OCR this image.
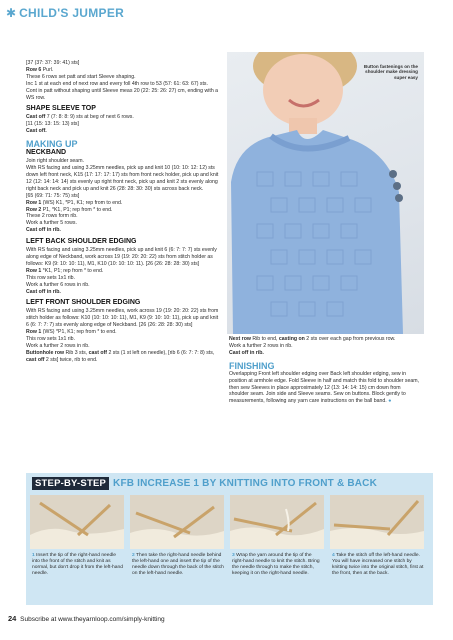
✱ CHILD'S JUMPER

[37 (37: 37: 39: 41) sts]

Row 6 Purl.

These 6 rows set patt and start Sleeve shaping.

Inc 1 st at each end of next row and every foll 4th row to 53 (57: 61: 63: 67) sts.

Cont in patt without shaping until Sleeve meas 20 (22: 25: 26: 27) cm, ending with a WS row.

SHAPE SLEEVE TOP

Cast off 7 (7: 8: 8: 9) sts at beg of next 6 rows.

[11 (15: 13: 15: 13) sts]

Cast off.

MAKING UP
NECKBAND

Join right shoulder seam.

With RS facing and using 3.25mm needles, pick up and knit 10 (10: 10: 12: 12) sts down left front neck, K15 (17: 17: 17: 17) sts from front neck holder, pick up and knit 12 (12: 14: 14: 14) sts evenly up right front neck, pick up and knit 2 sts evenly along right back neck and pick up and knit 26 (28: 28: 30: 30) sts across back neck.

[65 (69: 71: 75: 75) sts]

Row 1 (WS) K1, *P1, K1; rep from to end.

Row 2 P1, *K1, P1; rep from * to end.

These 2 rows form rib.

Work a further 5 rows.

Cast off in rib.

LEFT BACK SHOULDER EDGING

With RS facing and using 3.25mm needles, pick up and knit 6 (6: 7: 7: 7) sts evenly along edge of Neckband, work across 19 (19: 20: 20: 22) sts from stitch holder as follows: K9 (9: 10: 10: 11), M1, K10 (10: 10: 10: 11). [26 (26: 28: 28: 30) sts]

Row 1 *K1, P1; rep from * to end.

This row sets 1x1 rib.

Work a further 6 rows in rib.

Cast off in rib.

LEFT FRONT SHOULDER EDGING

With RS facing and using 3.25mm needles, work across 19 (19: 20: 20: 22) sts from stitch holder as follows: K10 (10: 10: 10: 11), M1, K9 (9: 10: 10: 11), pick up and knit 6 (6: 7: 7: 7) sts evenly along edge of Neckband. [26 (26: 28: 28: 30) sts]

Row 1 (WS) *P1, K1; rep from * to end.

This row sets 1x1 rib.

Work a further 2 rows in rib.

Buttonhole row Rib 3 sts, cast off 2 sts (1 st left on needle), [rib 6 (6: 7: 7: 8) sts, cast off 2 sts] twice, rib to end.

Button fastenings on the shoulder make dressing super easy

Next row Rib to end, casting on 2 sts over each gap from previous row.

Work a further 2 rows in rib.

Cast off in rib.

FINISHING

Overlapping Front left shoulder edging over Back left shoulder edging, sew in position at armhole edge. Fold Sleeve in half and match this fold to shoulder seam, then sew Sleeves in place approximately 12 (13: 14: 14: 15) cm down from shoulder seam. Join side and Sleeve seams. Sew on buttons. Block gently to measurements, following any yarn care instructions on the ball band. ●

STEP-BY-STEP KFB INCREASE 1 BY KNITTING INTO FRONT & BACK
1 Insert the tip of the right-hand needle into the front of the stitch and knit as normal, but don't drop it from the left-hand needle.
2 Then take the right-hand needle behind the left-hand one and insert the tip of the needle down through the back of the stitch on the left-hand needle.
3 Wrap the yarn around the tip of the right-hand needle to knit the stitch. Bring the needle through to make the stitch, keeping it on the right-hand needle.
4 Take the stitch off the left-hand needle. You will have increased one stitch by knitting twice into the original stitch, first at the front, then at the back.
24 Subscribe at www.theyarnloop.com/simply-knitting
